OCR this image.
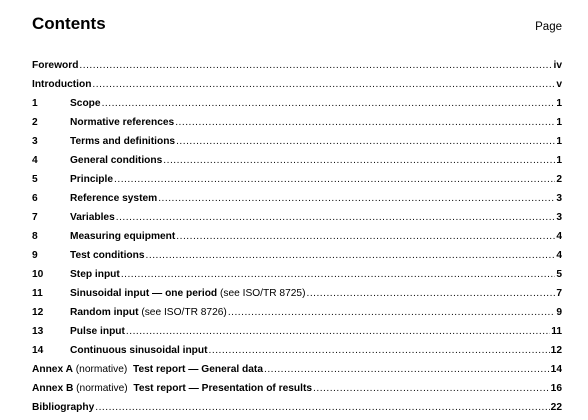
Contents	Page
Foreword .....	iv
Introduction .....	v
1	Scope .....	1
2	Normative references .....	1
3	Terms and definitions .....	1
4	General conditions .....	1
5	Principle .....	2
6	Reference system .....	3
7	Variables .....	3
8	Measuring equipment .....	4
9	Test conditions .....	4
10	Step input .....	5
11	Sinusoidal input — one period (see ISO/TR 8725) .....	7
12	Random input (see ISO/TR 8726) .....	9
13	Pulse input .....	11
14	Continuous sinusoidal input .....	12
Annex A (normative)  Test report — General data .....	14
Annex B (normative)  Test report — Presentation of results .....	16
Bibliography .....	22
